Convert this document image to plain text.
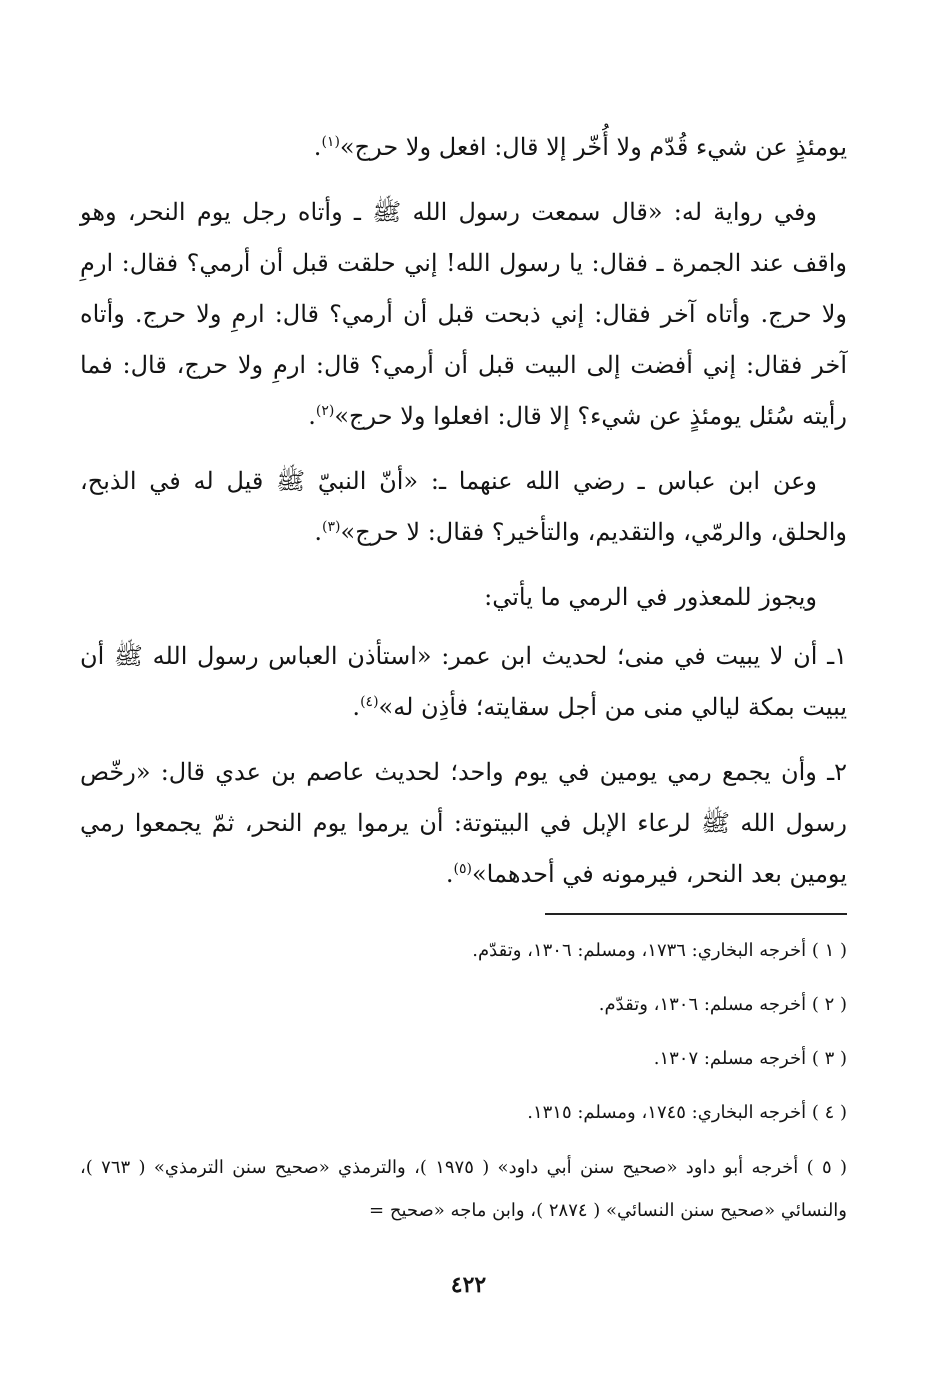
يومئذٍ عن شيء قُدّم ولا أُخّر إلا قال: افعل ولا حرج»$^{(١)}$.

وفي رواية له: «قال سمعت رسول الله ﷺ ـ وأتاه رجل يوم النحر، وهو واقف عند الجمرة ـ فقال: يا رسول الله! إني حلقت قبل أن أرمي؟ فقال: ارمِ ولا حرج. وأتاه آخر فقال: إني ذبحت قبل أن أرمي؟ قال: ارمِ ولا حرج. وأتاه آخر فقال: إني أفضت إلى البيت قبل أن أرمي؟ قال: ارمِ ولا حرج، قال: فما رأيته سُئل يومئذٍ عن شيء؟ إلا قال: افعلوا ولا حرج»$^{(٢)}$.

وعن ابن عباس ـ رضي الله عنهما ـ: «أنّ النبيّ ﷺ قيل له في الذبح، والحلق، والرمّي، والتقديم، والتأخير؟ فقال: لا حرج»$^{(٣)}$.

ويجوز للمعذور في الرمي ما يأتي:

١ـ أن لا يبيت في منى؛ لحديث ابن عمر: «استأذن العباس رسول الله ﷺ أن يبيت بمكة ليالي منى من أجل سقايته؛ فأذِن له»$^{(٤)}$.

٢ـ وأن يجمع رمي يومين في يوم واحد؛ لحديث عاصم بن عدي قال: «رخّص رسول الله ﷺ لرعاء الإبل في البيتوتة: أن يرموا يوم النحر، ثمّ يجمعوا رمي يومين بعد النحر، فيرمونه في أحدهما»$^{(٥)}$.

( ١ ) أخرجه البخاري: ١٧٣٦، ومسلم: ١٣٠٦، وتقدّم.

( ٢ ) أخرجه مسلم: ١٣٠٦، وتقدّم.

( ٣ ) أخرجه مسلم: ١٣٠٧.

( ٤ ) أخرجه البخاري: ١٧٤٥، ومسلم: ١٣١٥.

( ٥ ) أخرجه أبو داود «صحيح سنن أبي داود» ( ١٩٧٥ )، والترمذي «صحيح سنن الترمذي» ( ٧٦٣ )، والنسائي «صحيح سنن النسائي» ( ٢٨٧٤ )، وابن ماجه «صحيح =

٤٢٢
